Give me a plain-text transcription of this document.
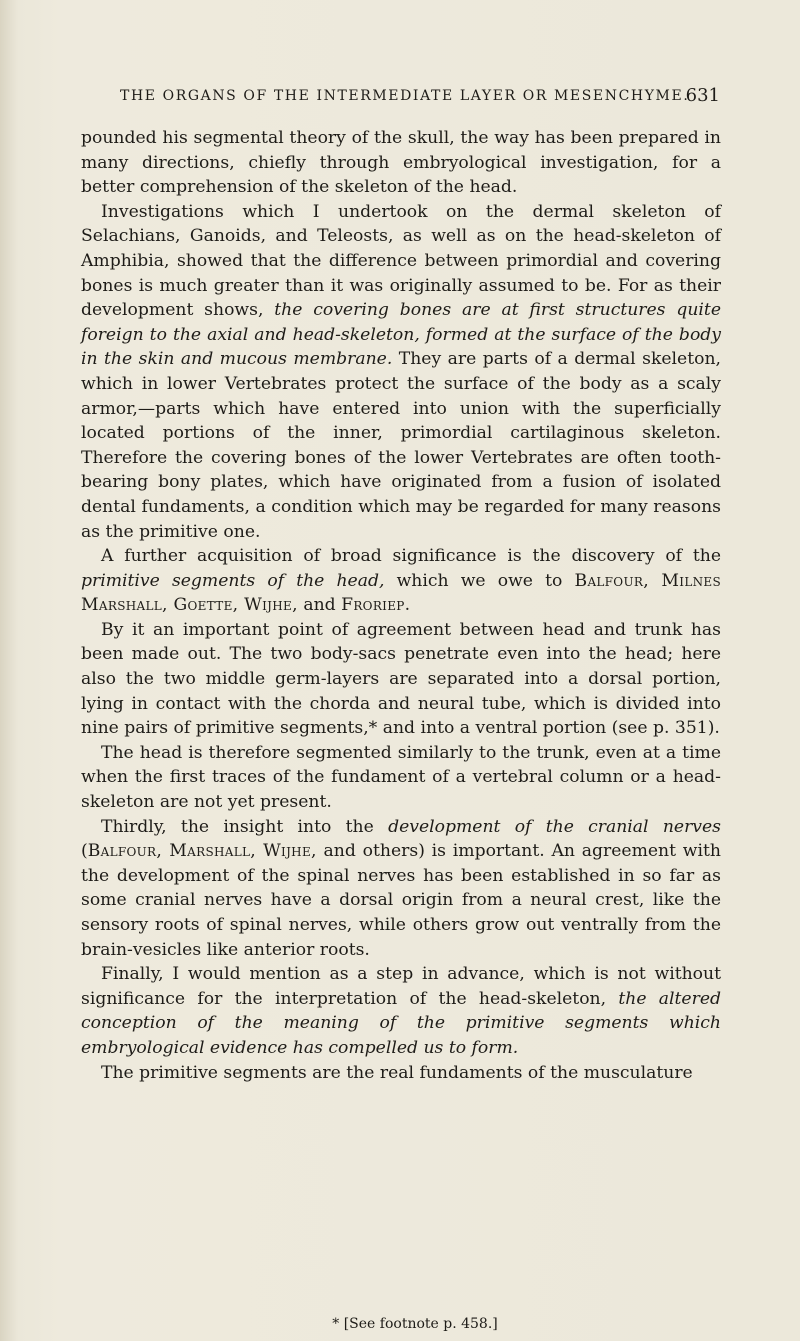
THE ORGANS OF THE INTERMEDIATE LAYER OR MESENCHYME.
631

pounded his segmental theory of the skull, the way has been prepared in many directions, chiefly through embryological investigation, for a better comprehension of the skeleton of the head.

Investigations which I undertook on the dermal skeleton of Selachians, Ganoids, and Teleosts, as well as on the head-skeleton of Amphibia, showed that the difference between primordial and covering bones is much greater than it was originally assumed to be. For as their development shows, the covering bones are at first structures quite foreign to the axial and head-skeleton, formed at the surface of the body in the skin and mucous membrane. They are parts of a dermal skeleton, which in lower Vertebrates protect the surface of the body as a scaly armor,—parts which have entered into union with the superficially located portions of the inner, primordial cartilaginous skeleton. Therefore the covering bones of the lower Vertebrates are often tooth-bearing bony plates, which have originated from a fusion of isolated dental fundaments, a condition which may be regarded for many reasons as the primitive one.

A further acquisition of broad significance is the discovery of the primitive segments of the head, which we owe to Balfour, Milnes Marshall, Goette, Wijhe, and Froriep.

By it an important point of agreement between head and trunk has been made out. The two body-sacs penetrate even into the head; here also the two middle germ-layers are separated into a dorsal portion, lying in contact with the chorda and neural tube, which is divided into nine pairs of primitive segments,* and into a ventral portion (see p. 351).

The head is therefore segmented similarly to the trunk, even at a time when the first traces of the fundament of a vertebral column or a head-skeleton are not yet present.

Thirdly, the insight into the development of the cranial nerves (Balfour, Marshall, Wijhe, and others) is important. An agreement with the development of the spinal nerves has been established in so far as some cranial nerves have a dorsal origin from a neural crest, like the sensory roots of spinal nerves, while others grow out ventrally from the brain-vesicles like anterior roots.

Finally, I would mention as a step in advance, which is not without significance for the interpretation of the head-skeleton, the altered conception of the meaning of the primitive segments which embryological evidence has compelled us to form.

The primitive segments are the real fundaments of the musculature

* [See footnote p. 458.]
